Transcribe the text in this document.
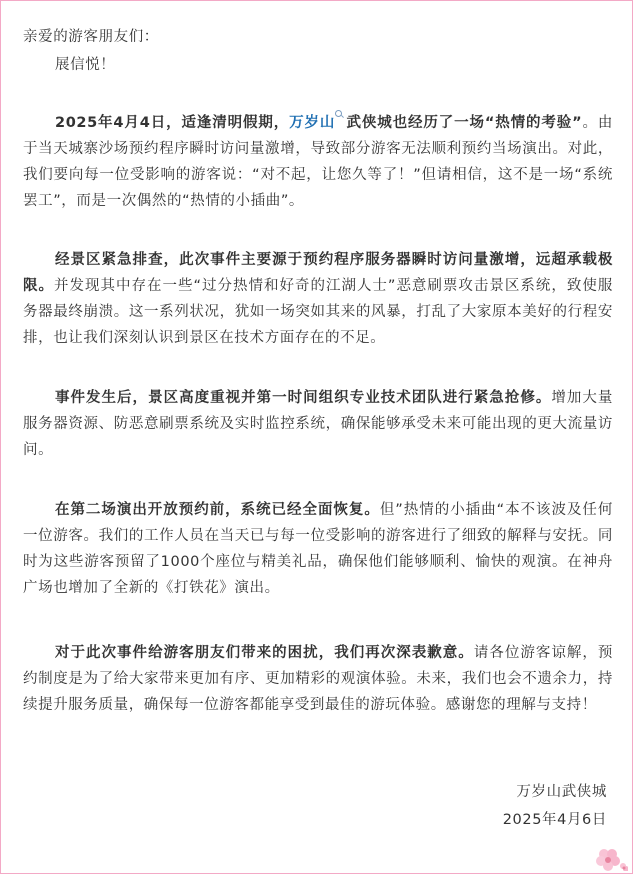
亲爱的游客朋友们：

展信悦！

2025年4月4日，适逢清明假期，万岁山 武侠城也经历了一场“热情的考验”。由于当天城寨沙场预约程序瞬时访问量激增，导致部分游客无法顺利预约当场演出。对此，我们要向每一位受影响的游客说：“对不起，让您久等了！”但请相信，这不是一场“系统罢工”，而是一次偶然的“热情的小插曲”。

经景区紧急排查，此次事件主要源于预约程序服务器瞬时访问量激增，远超承载极限。并发现其中存在一些“过分热情和好奇的江湖人士”恶意刷票攻击景区系统，致使服务器最终崩溃。这一系列状况，犹如一场突如其来的风暴，打乱了大家原本美好的行程安排，也让我们深刻认识到景区在技术方面存在的不足。

事件发生后，景区高度重视并第一时间组织专业技术团队进行紧急抢修。增加大量服务器资源、防恶意刷票系统及实时监控系统，确保能够承受未来可能出现的更大流量访问。

在第二场演出开放预约前，系统已经全面恢复。但”热情的小插曲“本不该波及任何一位游客。我们的工作人员在当天已与每一位受影响的游客进行了细致的解释与安抚。同时为这些游客预留了1000个座位与精美礼品，确保他们能够顺利、愉快的观演。在神舟广场也增加了全新的《打铁花》演出。

对于此次事件给游客朋友们带来的困扰，我们再次深表歉意。请各位游客谅解，预约制度是为了给大家带来更加有序、更加精彩的观演体验。未来，我们也会不遗余力，持续提升服务质量，确保每一位游客都能享受到最佳的游玩体验。感谢您的理解与支持！

万岁山武侠城

2025年4月6日
